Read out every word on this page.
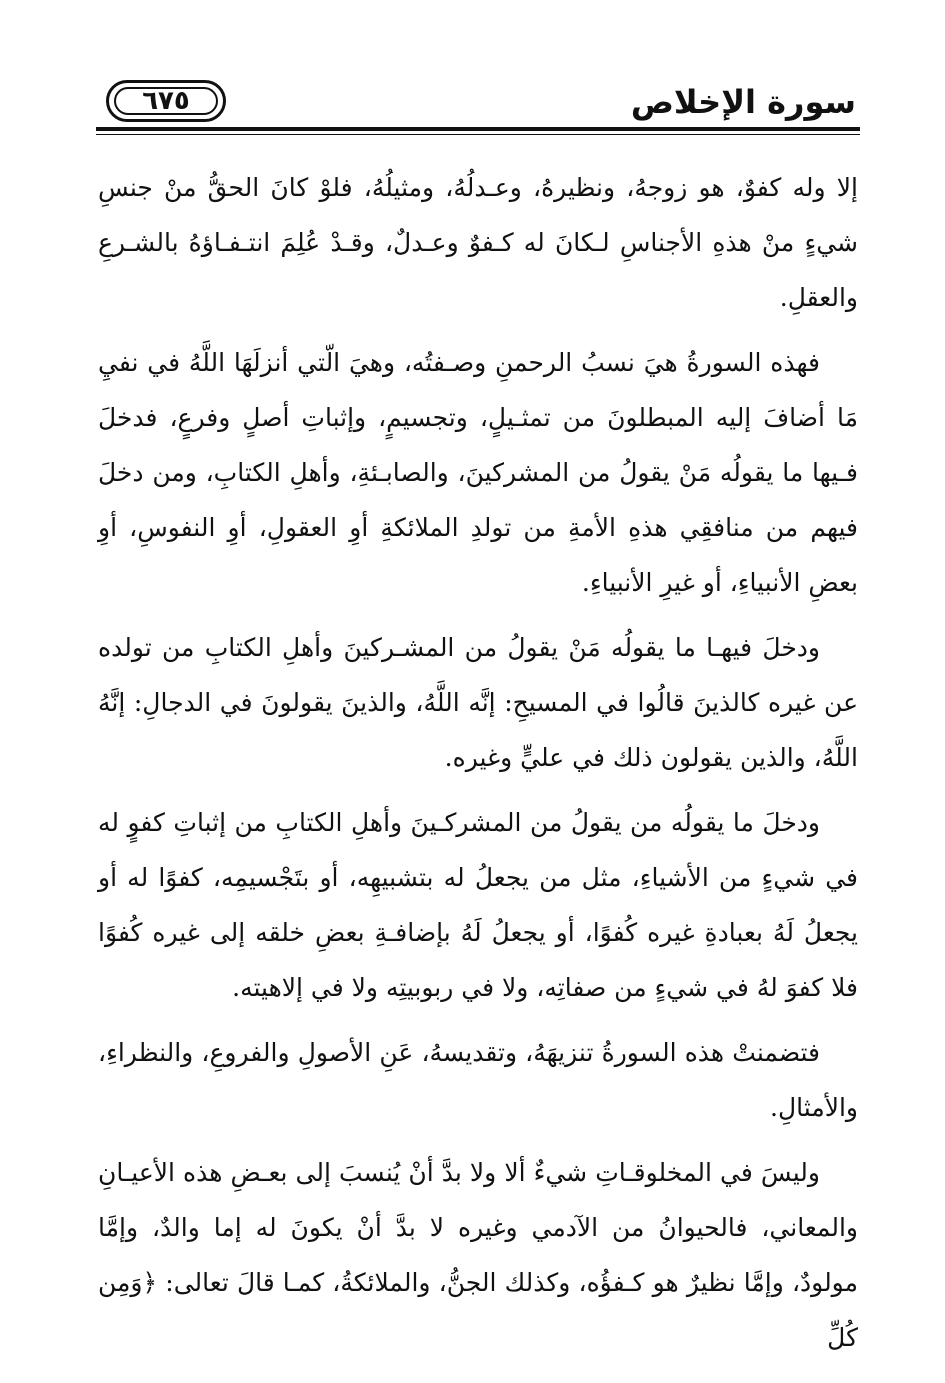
سورة الإخلاص
٦٧٥

إلا وله كفوٌ، هو زوجهُ، ونظيرهُ، وعـدلُهُ، ومثيلُهُ، فلوْ كانَ الحقُّ منْ جنسِ شيءٍ منْ هذهِ الأجناسِ لـكانَ له كـفوٌ وعـدلٌ، وقـدْ عُلِمَ انتـفـاؤهُ بالشـرعِ والعقلِ.

فهذه السورةُ هيَ نسبُ الرحمنِ وصـفتُه، وهيَ الّتي أنزلَهَا اللَّهُ في نفيِ مَا أضافَ إليه المبطلونَ من تمثـيلٍ، وتجسيمٍ، وإثباتِ أصلٍ وفرعٍ، فدخلَ فـيها ما يقولُه مَنْ يقولُ من المشركينَ، والصابـئةِ، وأهلِ الكتابِ، ومن دخلَ فيهم من منافقِي هذهِ الأمةِ من تولدِ الملائكةِ أوِ العقولِ، أوِ النفوسِ، أوِ بعضِ الأنبياءِ، أو غيرِ الأنبياءِ.

ودخلَ فيهـا ما يقولُه مَنْ يقولُ من المشـركينَ وأهلِ الكتابِ من تولده عن غيره كالذينَ قالُوا في المسيحِ: إنَّه اللَّهُ، والذينَ يقولونَ في الدجالِ: إنَّهُ اللَّهُ، والذين يقولون ذلك في عليٍّ وغيره.

ودخلَ ما يقولُه من يقولُ من المشركـينَ وأهلِ الكتابِ من إثباتِ كفوٍ له في شيءٍ من الأشياءِ، مثل من يجعلُ له بتشبيهِه، أو بتَجْسيمِه، كفوًا له أو يجعلُ لَهُ بعبادةِ غيره كُفوًا، أو يجعلُ لَهُ بإضافـةِ بعضِ خلقه إلى غيره كُفوًا فلا كفوَ لهُ في شيءٍ من صفاتِه، ولا في ربوبيتِه ولا في إلاهيته.

فتضمنتْ هذه السورةُ تنزيهَهُ، وتقديسهُ، عَنِ الأصولِ والفروعِ، والنظراءِ، والأمثالِ.

وليسَ في المخلوقـاتِ شيءٌ ألا ولا بدَّ أنْ يُنسبَ إلى بعـضِ هذه الأعيـانِ والمعاني، فالحيوانُ من الآدمي وغيره لا بدَّ أنْ يكونَ له إما والدٌ، وإمَّا مولودٌ، وإمَّا نظيرٌ هو كـفؤُه، وكذلك الجنُّ، والملائكةُ، كمـا قالَ تعالى: ﴿وَمِن كُلِّ
